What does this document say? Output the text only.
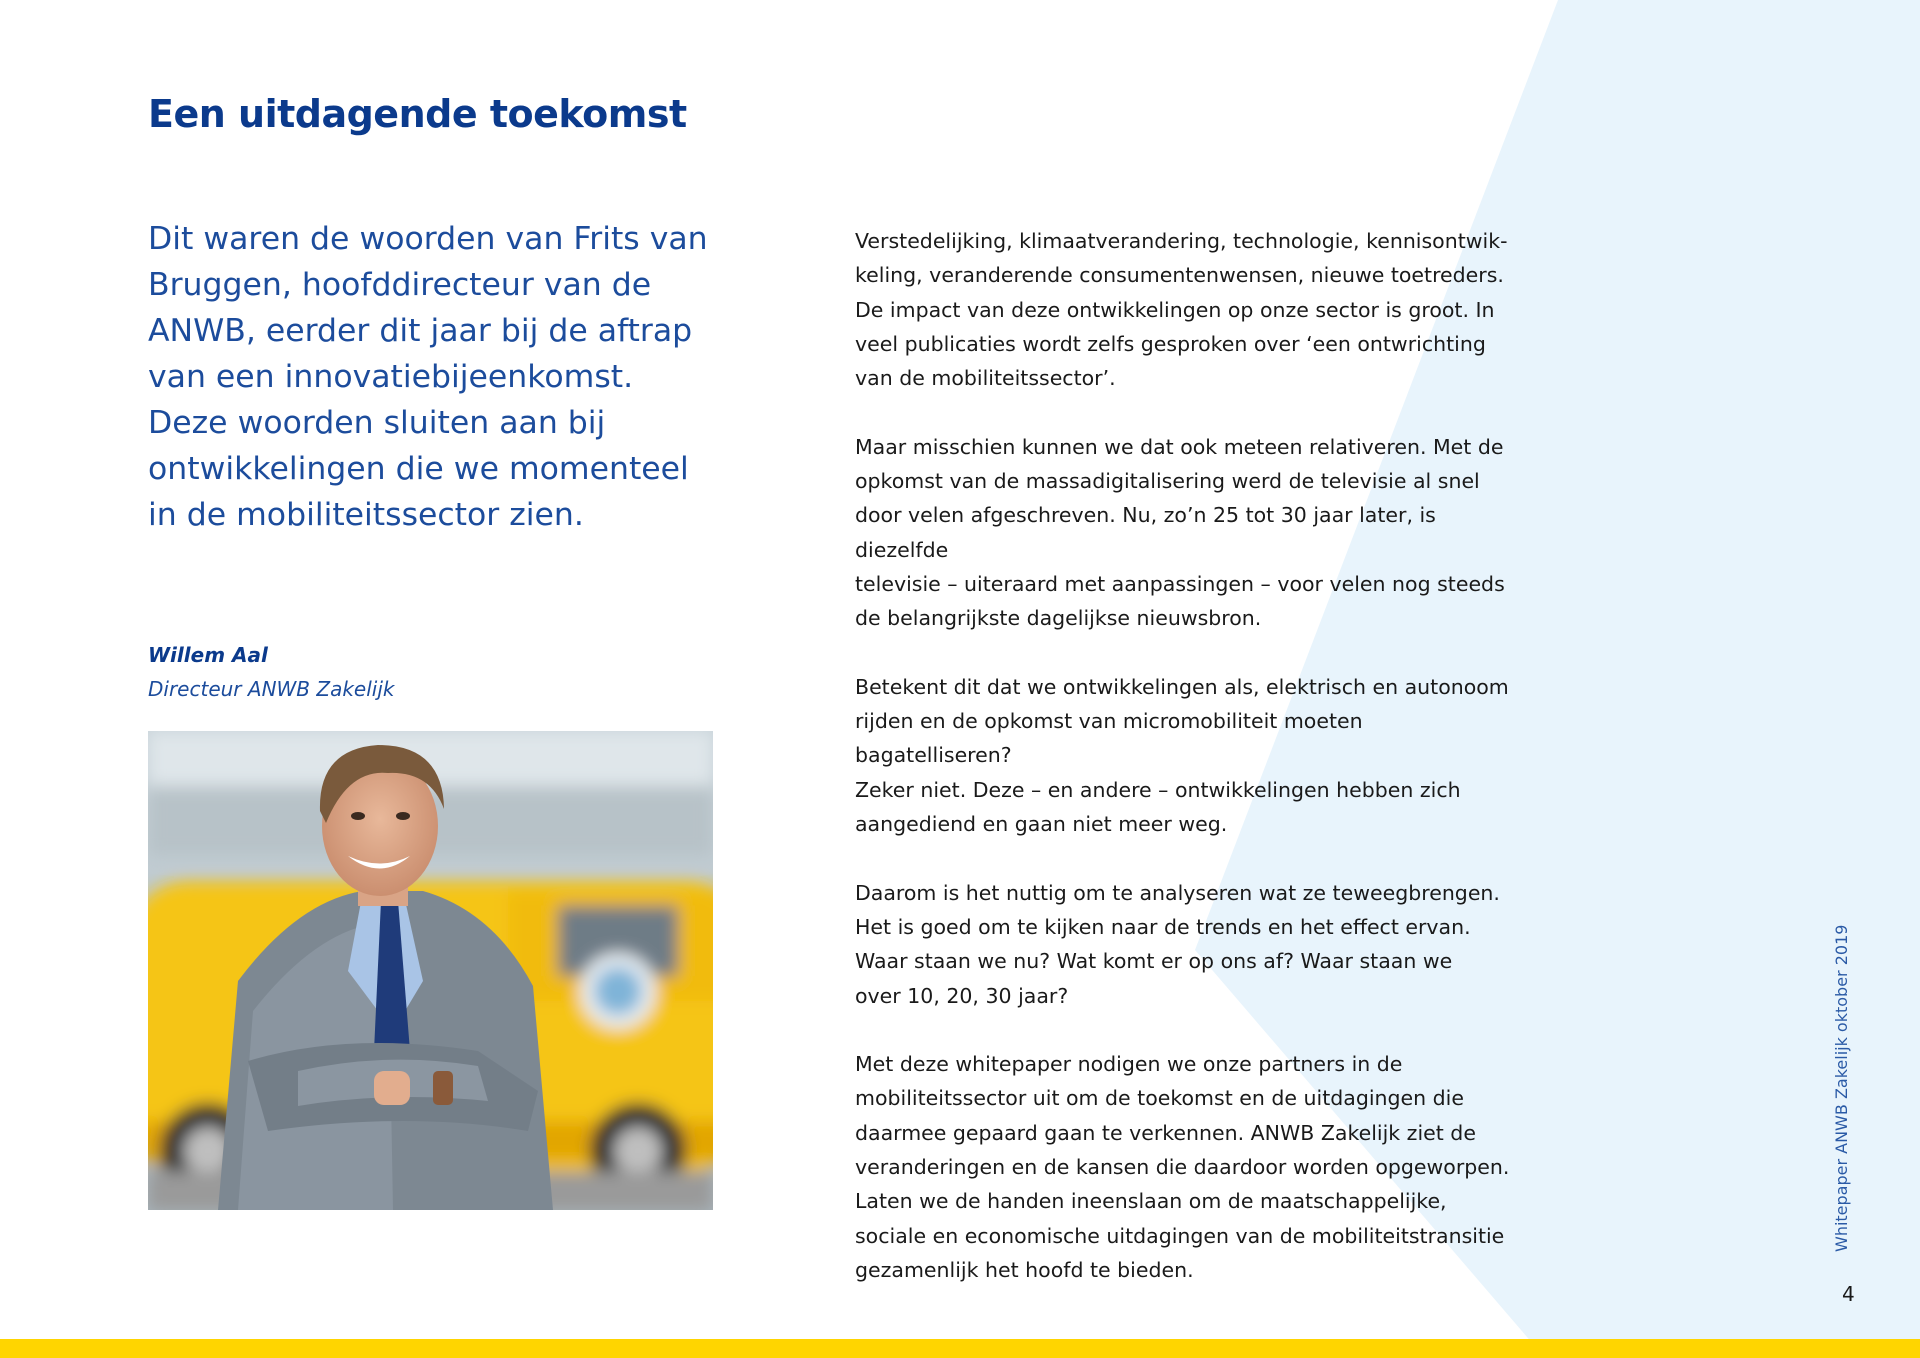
Een uitdagende toekomst

Dit waren de woorden van Frits van Bruggen, hoofddirecteur van de ANWB, eerder dit jaar bij de aftrap van een innovatiebijeenkomst. Deze woorden sluiten aan bij ontwikkelingen die we momenteel in de mobiliteitssector zien.

Willem Aal
Directeur ANWB Zakelijk

Verstedelijking, klimaatverandering, technologie, kennisontwik-
keling, veranderende consumentenwensen, nieuwe toetreders.
De impact van deze ontwikkelingen op onze sector is groot. In
veel publicaties wordt zelfs gesproken over ‘een ontwrichting
van de mobiliteitssector’.

Maar misschien kunnen we dat ook meteen relativeren. Met de
opkomst van de massadigitalisering werd de televisie al snel
door velen afgeschreven. Nu, zo’n 25 tot 30 jaar later, is diezelfde
televisie – uiteraard met aanpassingen – voor velen nog steeds
de belangrijkste dagelijkse nieuwsbron.

Betekent dit dat we ontwikkelingen als, elektrisch en autonoom
rijden en de opkomst van micromobiliteit moeten bagatelliseren?
Zeker niet. Deze – en andere – ontwikkelingen hebben zich
aangediend en gaan niet meer weg.

Daarom is het nuttig om te analyseren wat ze teweegbrengen.
Het is goed om te kijken naar de trends en het effect ervan.
Waar staan we nu? Wat komt er op ons af? Waar staan we
over 10, 20, 30 jaar?

Met deze whitepaper nodigen we onze partners in de
mobiliteitssector uit om de toekomst en de uitdagingen die
daarmee gepaard gaan te verkennen. ANWB Zakelijk ziet de
veranderingen en de kansen die daardoor worden opgeworpen.
Laten we de handen ineenslaan om de maatschappelijke,
sociale en economische uitdagingen van de mobiliteitstransitie
gezamenlijk het hoofd te bieden.

Whitepaper ANWB Zakelijk oktober 2019
4
